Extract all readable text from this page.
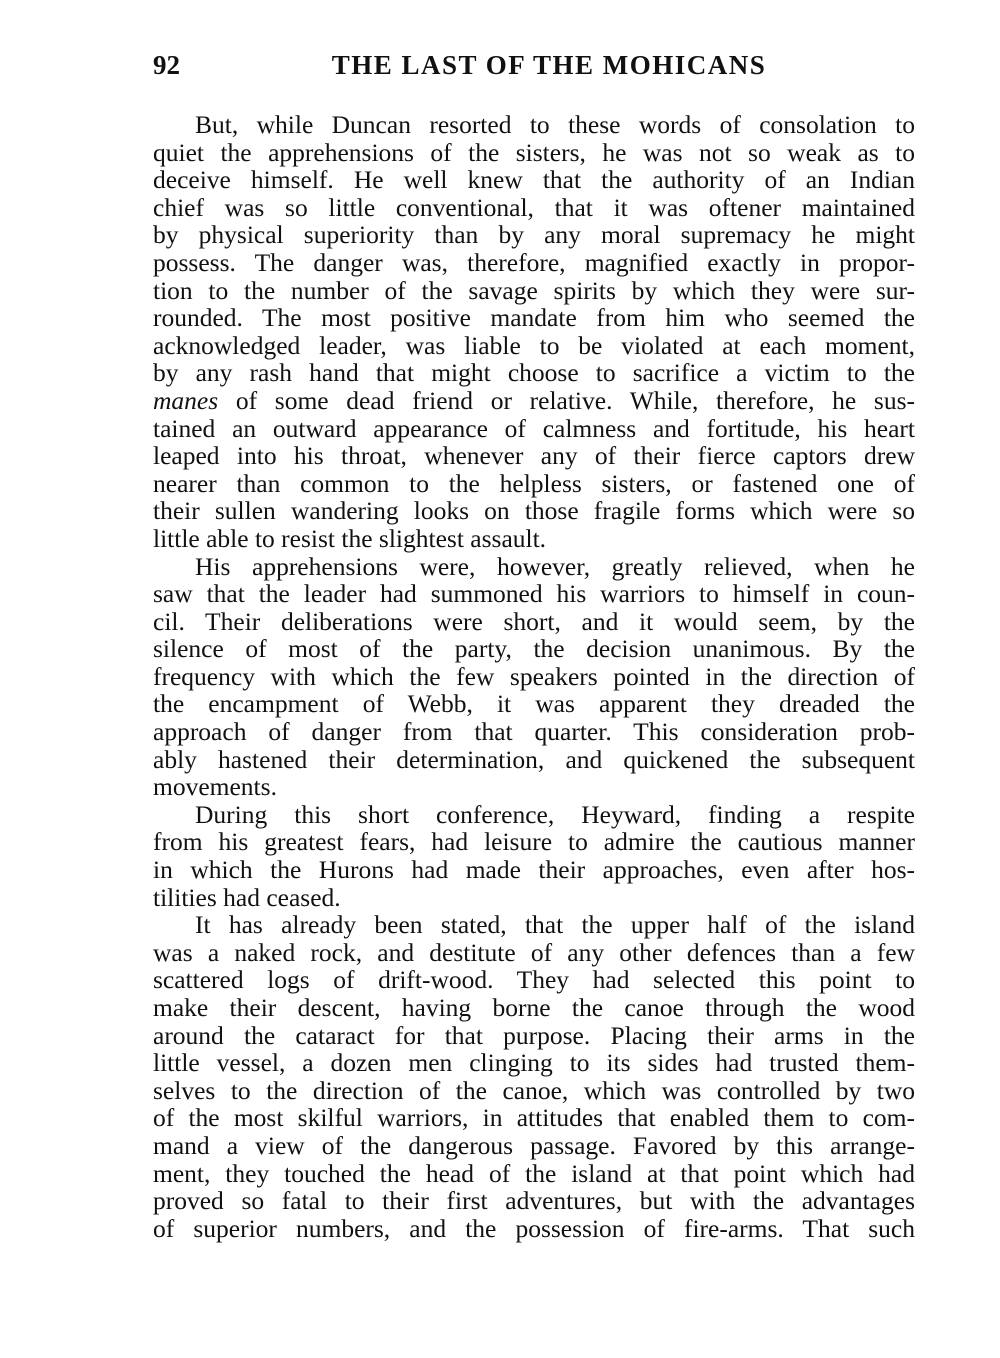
92	THE LAST OF THE MOHICANS
But, while Duncan resorted to these words of consolation to
quiet the apprehensions of the sisters, he was not so weak as to
deceive himself. He well knew that the authority of an Indian
chief was so little conventional, that it was oftener maintained
by physical superiority than by any moral supremacy he might
possess. The danger was, therefore, magnified exactly in propor-
tion to the number of the savage spirits by which they were sur-
rounded. The most positive mandate from him who seemed the
acknowledged leader, was liable to be violated at each moment,
by any rash hand that might choose to sacrifice a victim to the
manes of some dead friend or relative. While, therefore, he sus-
tained an outward appearance of calmness and fortitude, his heart
leaped into his throat, whenever any of their fierce captors drew
nearer than common to the helpless sisters, or fastened one of
their sullen wandering looks on those fragile forms which were so
little able to resist the slightest assault.
His apprehensions were, however, greatly relieved, when he
saw that the leader had summoned his warriors to himself in coun-
cil. Their deliberations were short, and it would seem, by the
silence of most of the party, the decision unanimous. By the
frequency with which the few speakers pointed in the direction of
the encampment of Webb, it was apparent they dreaded the
approach of danger from that quarter. This consideration prob-
ably hastened their determination, and quickened the subsequent
movements.
During this short conference, Heyward, finding a respite
from his greatest fears, had leisure to admire the cautious manner
in which the Hurons had made their approaches, even after hos-
tilities had ceased.
It has already been stated, that the upper half of the island
was a naked rock, and destitute of any other defences than a few
scattered logs of drift-wood. They had selected this point to
make their descent, having borne the canoe through the wood
around the cataract for that purpose. Placing their arms in the
little vessel, a dozen men clinging to its sides had trusted them-
selves to the direction of the canoe, which was controlled by two
of the most skilful warriors, in attitudes that enabled them to com-
mand a view of the dangerous passage. Favored by this arrange-
ment, they touched the head of the island at that point which had
proved so fatal to their first adventures, but with the advantages
of superior numbers, and the possession of fire-arms. That such
